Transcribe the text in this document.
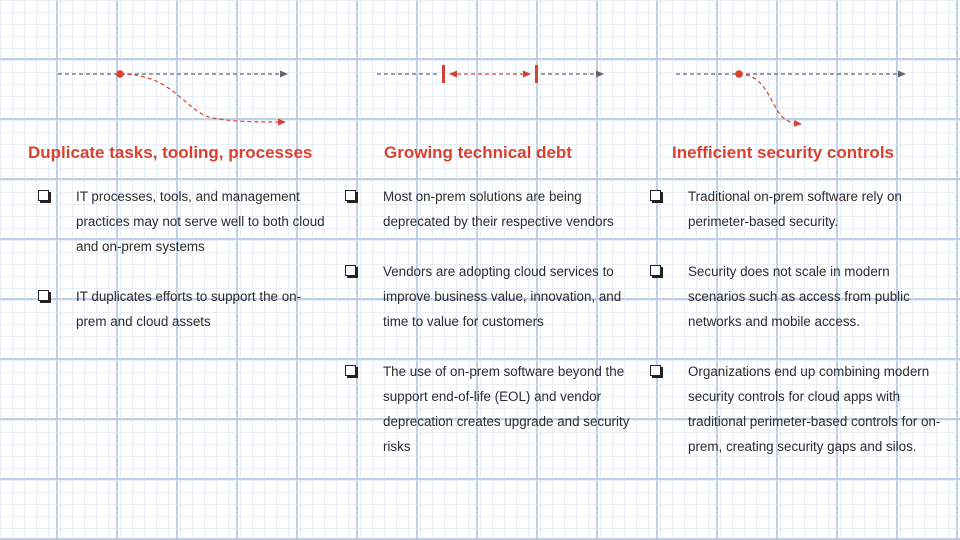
Duplicate tasks, tooling, processes
IT processes, tools, and management practices may not serve well to both cloud and on-prem systems
IT duplicates efforts to support the on-prem and cloud assets
Growing technical debt
Most on-prem solutions are being deprecated by their respective vendors
Vendors are adopting cloud services to improve business value, innovation, and time to value for customers
The use of on-prem software beyond the support end-of-life (EOL) and vendor deprecation creates upgrade and security risks
Inefficient security controls
Traditional on-prem software rely on perimeter-based security.
Security does not scale in modern scenarios such as access from public networks and mobile access.
Organizations end up combining modern security controls for cloud apps with traditional perimeter-based controls for on-prem, creating security gaps and silos.
